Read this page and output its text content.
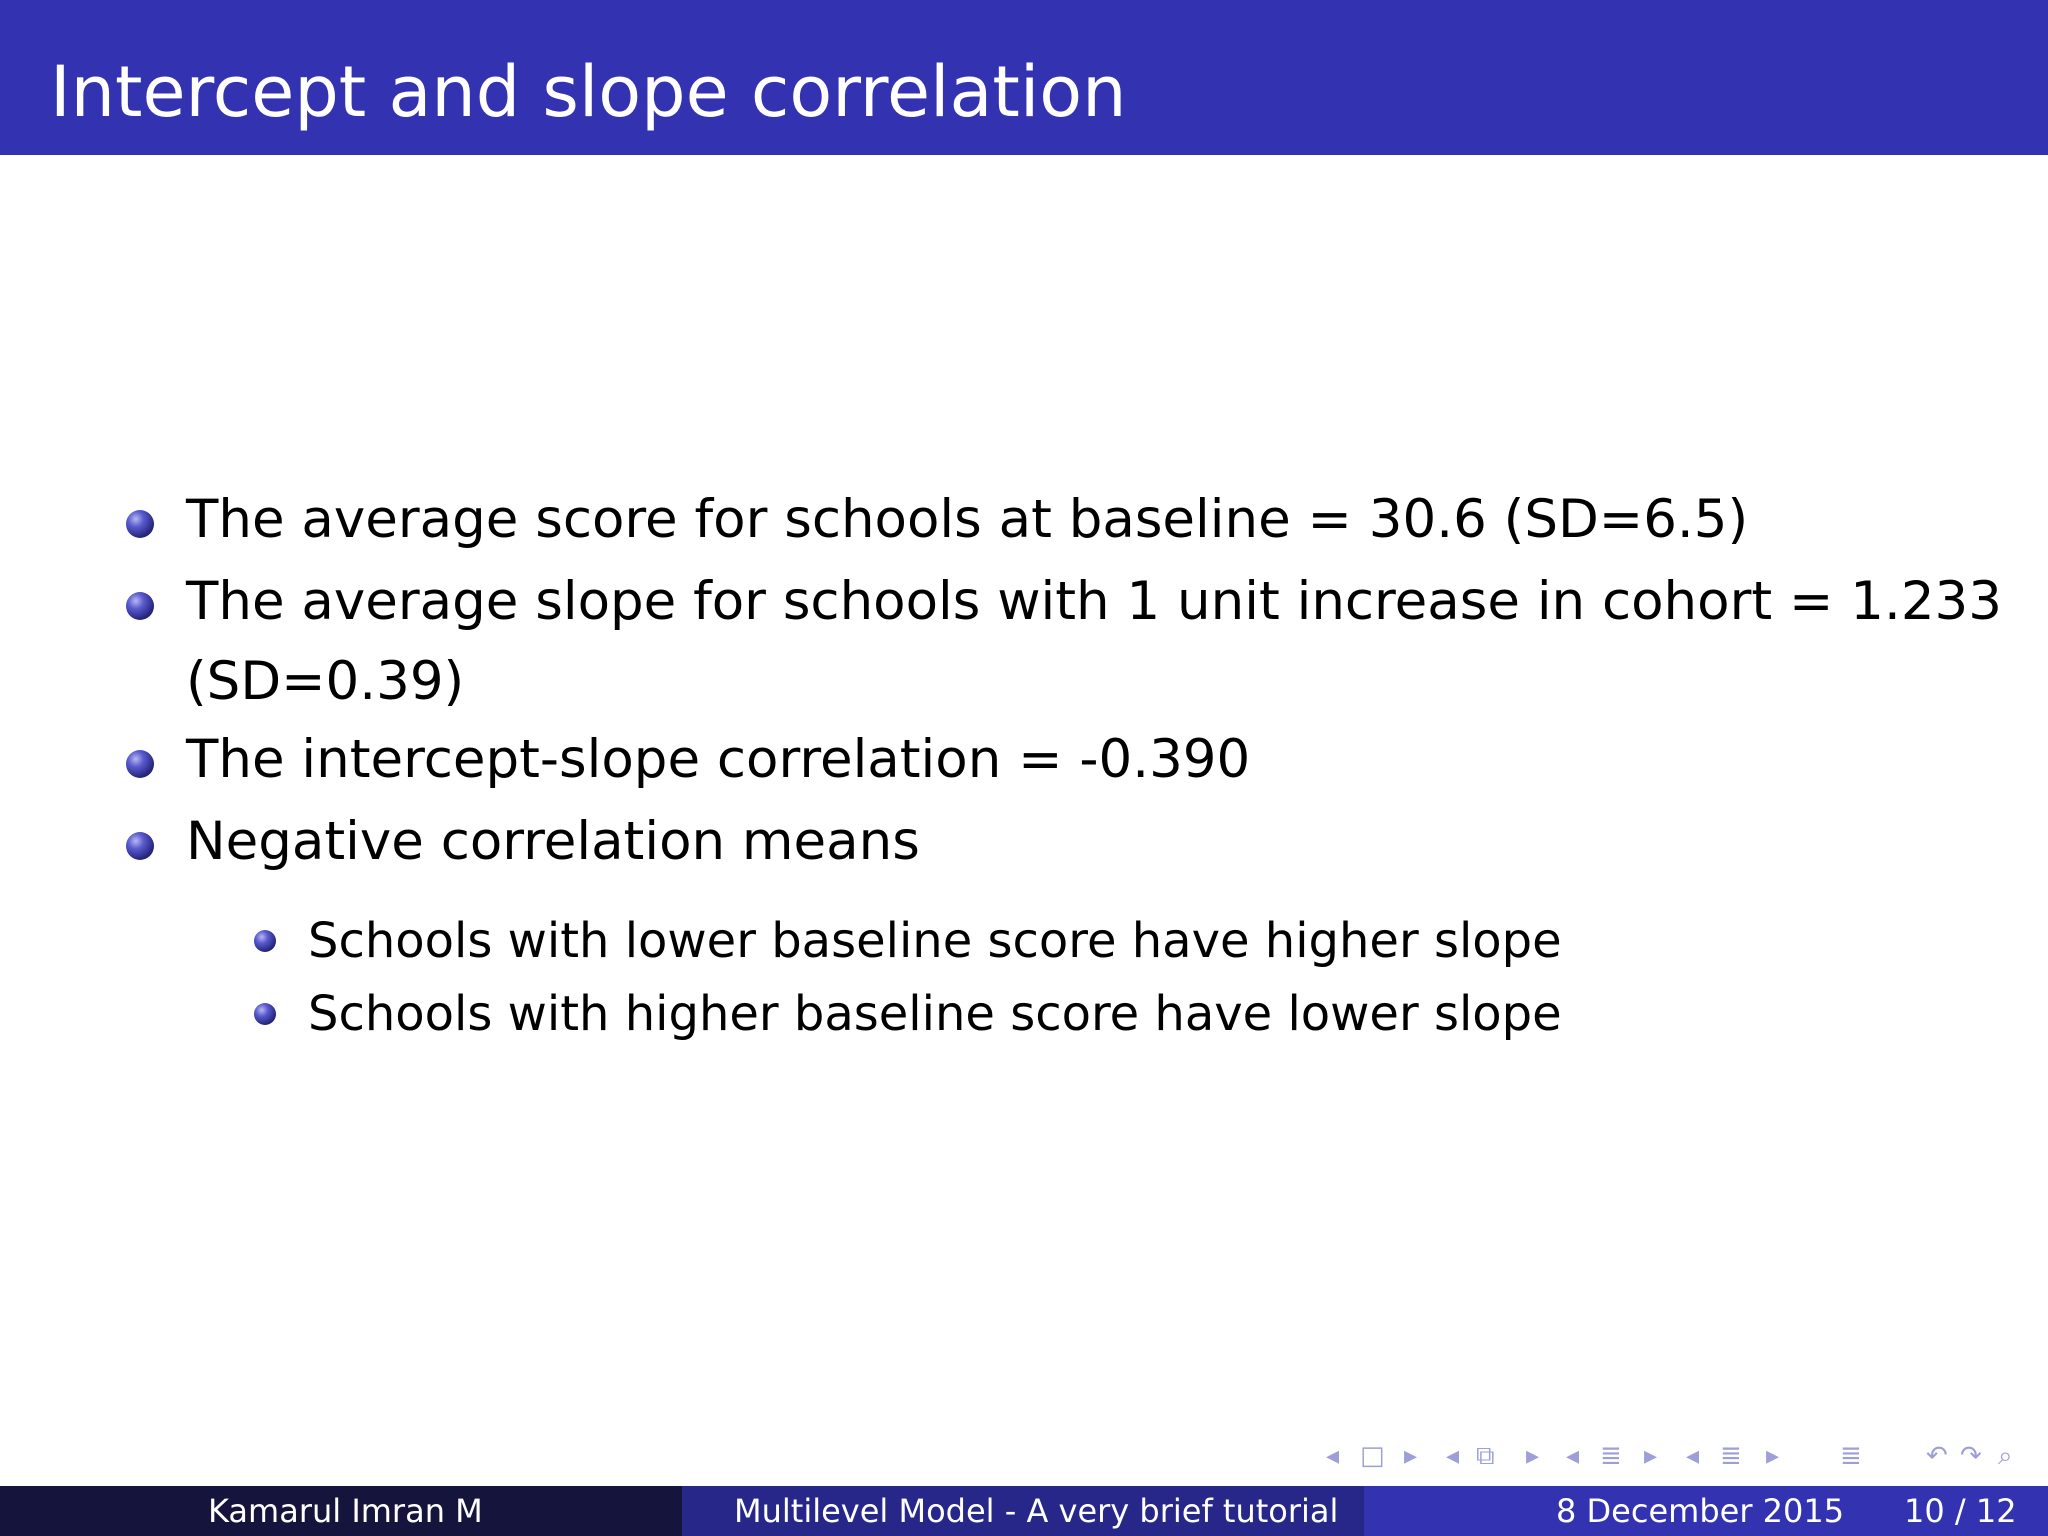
Intercept and slope correlation
The average score for schools at baseline = 30.6 (SD=6.5)
The average slope for schools with 1 unit increase in cohort = 1.233
(SD=0.39)
The intercept-slope correlation = -0.390
Negative correlation means
Schools with lower baseline score have higher slope
Schools with higher baseline score have lower slope
◂ □ ▸ ◂ ⧉ ▸ ◂ ≣ ▸ ◂ ≣ ▸ ≣ ↶ ↷ ⌕
Kamarul Imran M	Multilevel Model - A very brief tutorial	8 December 2015 10 / 12
